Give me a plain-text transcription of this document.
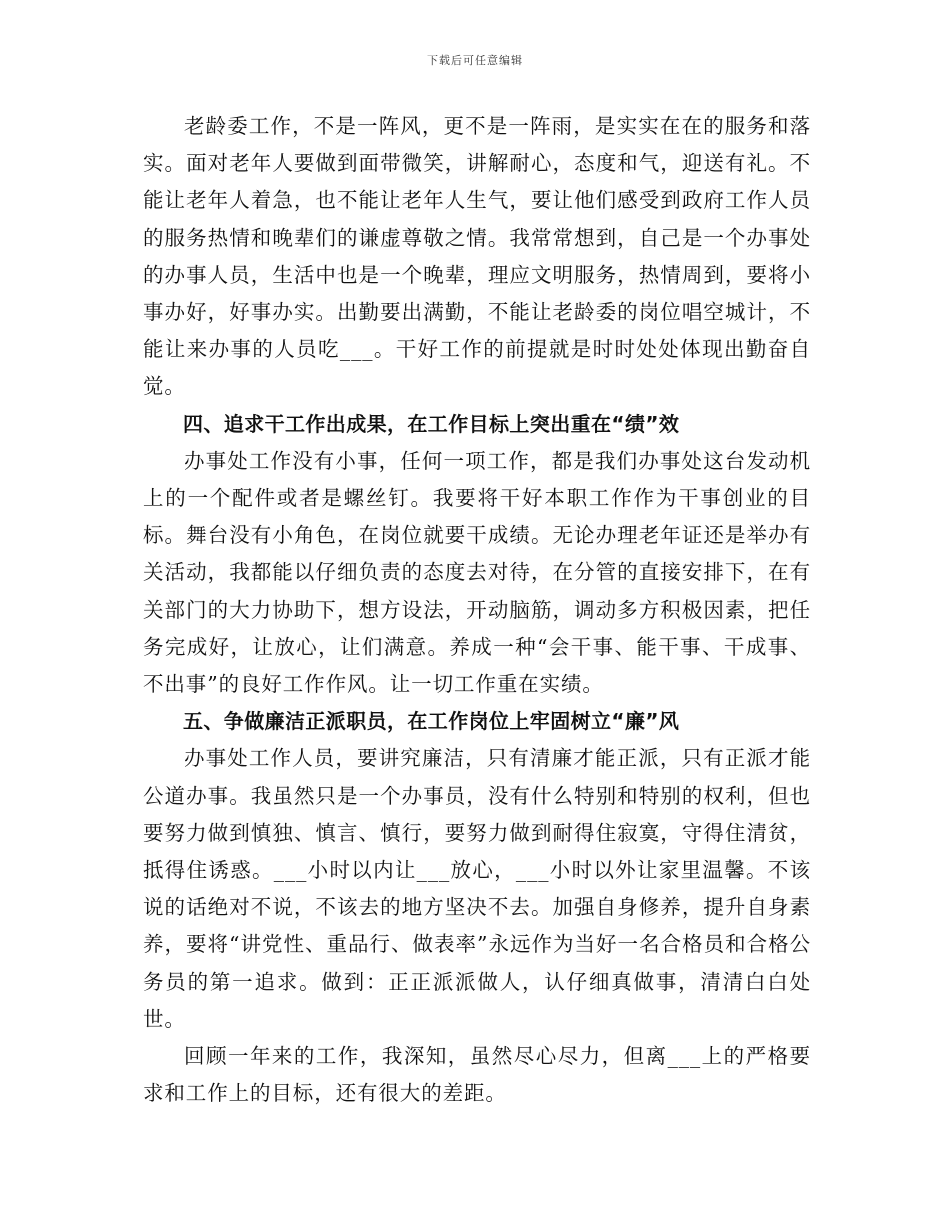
下载后可任意编辑

老龄委工作，不是一阵风，更不是一阵雨，是实实在在的服务和落实。面对老年人要做到面带微笑，讲解耐心，态度和气，迎送有礼。不能让老年人着急，也不能让老年人生气，要让他们感受到政府工作人员的服务热情和晚辈们的谦虚尊敬之情。我常常想到，自己是一个办事处的办事人员，生活中也是一个晚辈，理应文明服务，热情周到，要将小事办好，好事办实。出勤要出满勤，不能让老龄委的岗位唱空城计，不能让来办事的人员吃___。干好工作的前提就是时时处处体现出勤奋自觉。

四、追求干工作出成果，在工作目标上突出重在“绩”效

办事处工作没有小事，任何一项工作，都是我们办事处这台发动机上的一个配件或者是螺丝钉。我要将干好本职工作作为干事创业的目标。舞台没有小角色，在岗位就要干成绩。无论办理老年证还是举办有关活动，我都能以仔细负责的态度去对待，在分管的直接安排下，在有关部门的大力协助下，想方设法，开动脑筋，调动多方积极因素，把任务完成好，让放心，让们满意。养成一种“会干事、能干事、干成事、不出事”的良好工作作风。让一切工作重在实绩。

五、争做廉洁正派职员，在工作岗位上牢固树立“廉”风

办事处工作人员，要讲究廉洁，只有清廉才能正派，只有正派才能公道办事。我虽然只是一个办事员，没有什么特别和特别的权利，但也要努力做到慎独、慎言、慎行，要努力做到耐得住寂寞，守得住清贫，抵得住诱惑。___小时以内让___放心，___小时以外让家里温馨。不该说的话绝对不说，不该去的地方坚决不去。加强自身修养，提升自身素养，要将“讲党性、重品行、做表率”永远作为当好一名合格员和合格公务员的第一追求。做到：正正派派做人，认仔细真做事，清清白白处世。

回顾一年来的工作，我深知，虽然尽心尽力，但离___上的严格要求和工作上的目标，还有很大的差距。
